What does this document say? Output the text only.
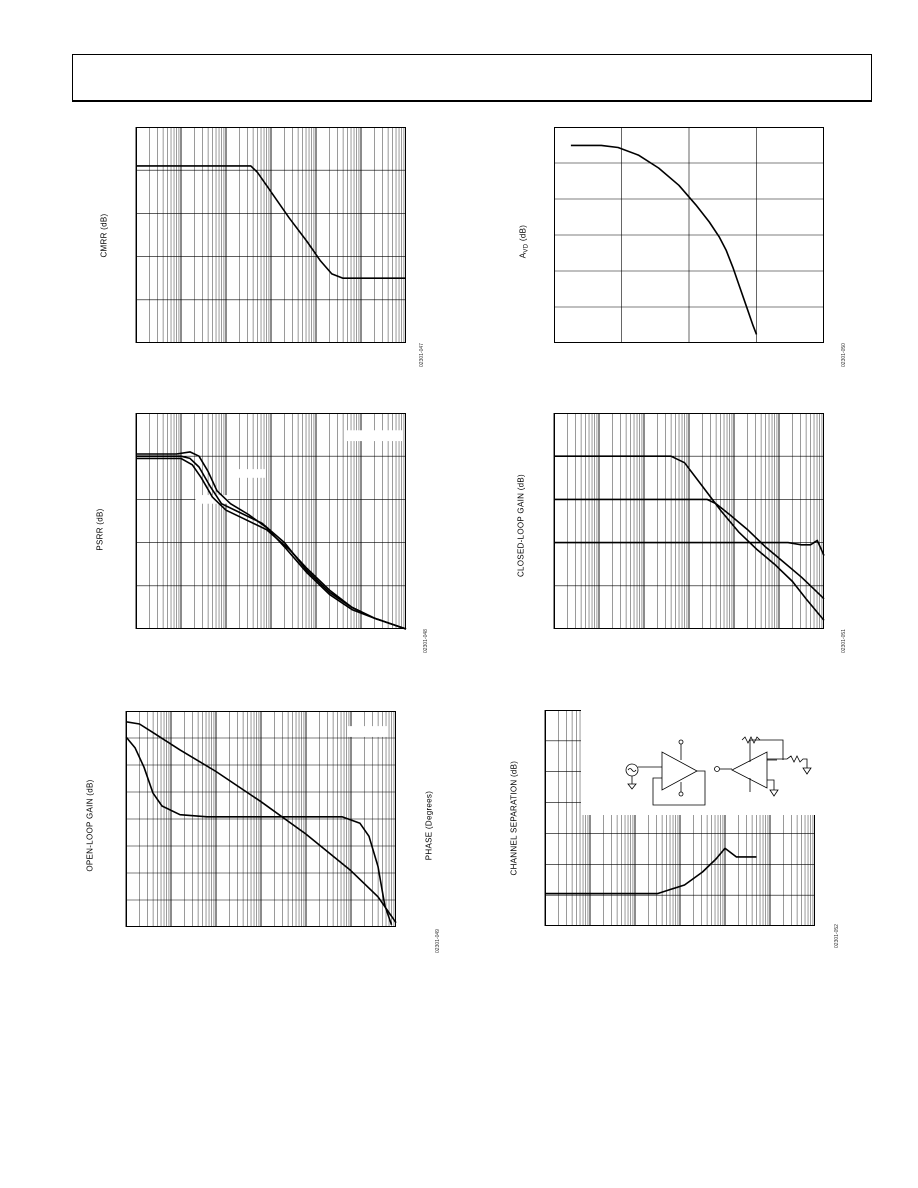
CMRR (dB)
02301-047
$A_{VD}$ (dB)
02301-050
PSRR (dB)
02301-048
CLOSED-LOOP GAIN (dB)
02301-051
OPEN-LOOP GAIN (dB)	PHASE (Degrees)
02301-049
CHANNEL SEPARATION (dB)
02301-052
